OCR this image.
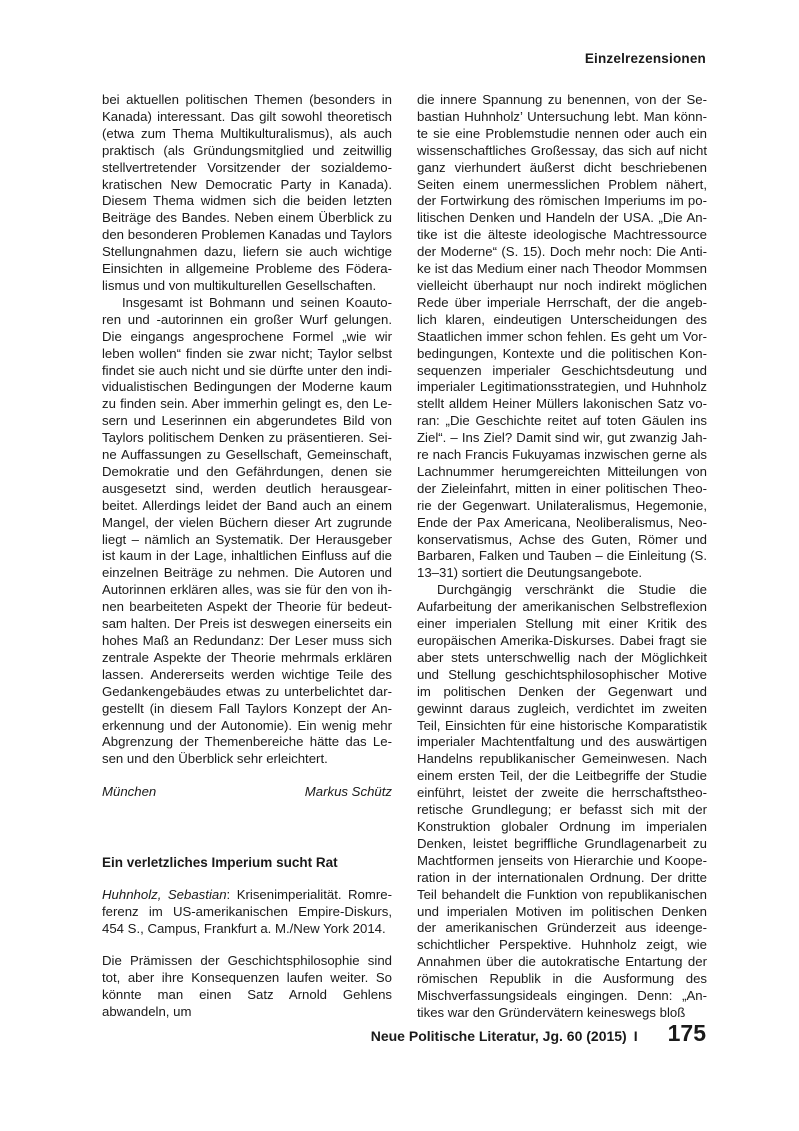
Einzelrezensionen

bei aktuellen politischen Themen (besonders in Kanada) interessant. Das gilt sowohl theoretisch (etwa zum Thema Multikulturalismus), als auch praktisch (als Gründungsmitglied und zeitwillig stellvertretender Vorsitzender der sozialdemokratischen New Democratic Party in Kanada). Diesem Thema widmen sich die beiden letzten Beiträge des Bandes. Neben einem Überblick zu den besonderen Problemen Kanadas und Taylors Stellungnahmen dazu, liefern sie auch wichtige Einsichten in allgemeine Probleme des Föderalismus und von multikulturellen Gesellschaften.

Insgesamt ist Bohmann und seinen Koautoren und -autorinnen ein großer Wurf gelungen. Die eingangs angesprochene Formel „wie wir leben wollen“ finden sie zwar nicht; Taylor selbst findet sie auch nicht und sie dürfte unter den individualistischen Bedingungen der Moderne kaum zu finden sein. Aber immerhin gelingt es, den Lesern und Leserinnen ein abgerundetes Bild von Taylors politischem Denken zu präsentieren. Seine Auffassungen zu Gesellschaft, Gemeinschaft, Demokratie und den Gefährdungen, denen sie ausgesetzt sind, werden deutlich herausgearbeitet. Allerdings leidet der Band auch an einem Mangel, der vielen Büchern dieser Art zugrunde liegt – nämlich an Systematik. Der Herausgeber ist kaum in der Lage, inhaltlichen Einfluss auf die einzelnen Beiträge zu nehmen. Die Autoren und Autorinnen erklären alles, was sie für den von ihnen bearbeiteten Aspekt der Theorie für bedeutsam halten. Der Preis ist deswegen einerseits ein hohes Maß an Redundanz: Der Leser muss sich zentrale Aspekte der Theorie mehrmals erklären lassen. Andererseits werden wichtige Teile des Gedankengebäudes etwas zu unterbelichtet dargestellt (in diesem Fall Taylors Konzept der Anerkennung und der Autonomie). Ein wenig mehr Abgrenzung der Themenbereiche hätte das Lesen und den Überblick sehr erleichtert.

München	Markus Schütz
Ein verletzliches Imperium sucht Rat

Huhnholz, Sebastian: Krisenimperialität. Romreferenz im US-amerikanischen Empire-Diskurs, 454 S., Campus, Frankfurt a. M./New York 2014.

Die Prämissen der Geschichtsphilosophie sind tot, aber ihre Konsequenzen laufen weiter. So könnte man einen Satz Arnold Gehlens abwandeln, um

die innere Spannung zu benennen, von der Sebastian Huhnholz’ Untersuchung lebt. Man könnte sie eine Problemstudie nennen oder auch ein wissenschaftliches Großessay, das sich auf nicht ganz vierhundert äußerst dicht beschriebenen Seiten einem unermesslichen Problem nähert, der Fortwirkung des römischen Imperiums im politischen Denken und Handeln der USA. „Die Antike ist die älteste ideologische Machtressource der Moderne“ (S. 15). Doch mehr noch: Die Antike ist das Medium einer nach Theodor Mommsen vielleicht überhaupt nur noch indirekt möglichen Rede über imperiale Herrschaft, der die angeblich klaren, eindeutigen Unterscheidungen des Staatlichen immer schon fehlen. Es geht um Vorbedingungen, Kontexte und die politischen Konsequenzen imperialer Geschichtsdeutung und imperialer Legitimationsstrategien, und Huhnholz stellt alldem Heiner Müllers lakonischen Satz voran: „Die Geschichte reitet auf toten Gäulen ins Ziel“. – Ins Ziel? Damit sind wir, gut zwanzig Jahre nach Francis Fukuyamas inzwischen gerne als Lachnummer herumgereichten Mitteilungen von der Zieleinfahrt, mitten in einer politischen Theorie der Gegenwart. Unilateralismus, Hegemonie, Ende der Pax Americana, Neoliberalismus, Neokonservatismus, Achse des Guten, Römer und Barbaren, Falken und Tauben – die Einleitung (S. 13–31) sortiert die Deutungsangebote.

Durchgängig verschränkt die Studie die Aufarbeitung der amerikanischen Selbstreflexion einer imperialen Stellung mit einer Kritik des europäischen Amerika-Diskurses. Dabei fragt sie aber stets unterschwellig nach der Möglichkeit und Stellung geschichtsphilosophischer Motive im politischen Denken der Gegenwart und gewinnt daraus zugleich, verdichtet im zweiten Teil, Einsichten für eine historische Komparatistik imperialer Machtentfaltung und des auswärtigen Handelns republikanischer Gemeinwesen. Nach einem ersten Teil, der die Leitbegriffe der Studie einführt, leistet der zweite die herrschaftstheoretische Grundlegung; er befasst sich mit der Konstruktion globaler Ordnung im imperialen Denken, leistet begriffliche Grundlagenarbeit zu Machtformen jenseits von Hierarchie und Kooperation in der internationalen Ordnung. Der dritte Teil behandelt die Funktion von republikanischen und imperialen Motiven im politischen Denken der amerikanischen Gründerzeit aus ideengeschichtlicher Perspektive. Huhnholz zeigt, wie Annahmen über die autokratische Entartung der römischen Republik in die Ausformung des Mischverfassungsideals eingingen. Denn: „Antikes war den Gründervätern keineswegs bloß

Neue Politische Literatur, Jg. 60 (2015) I 175
